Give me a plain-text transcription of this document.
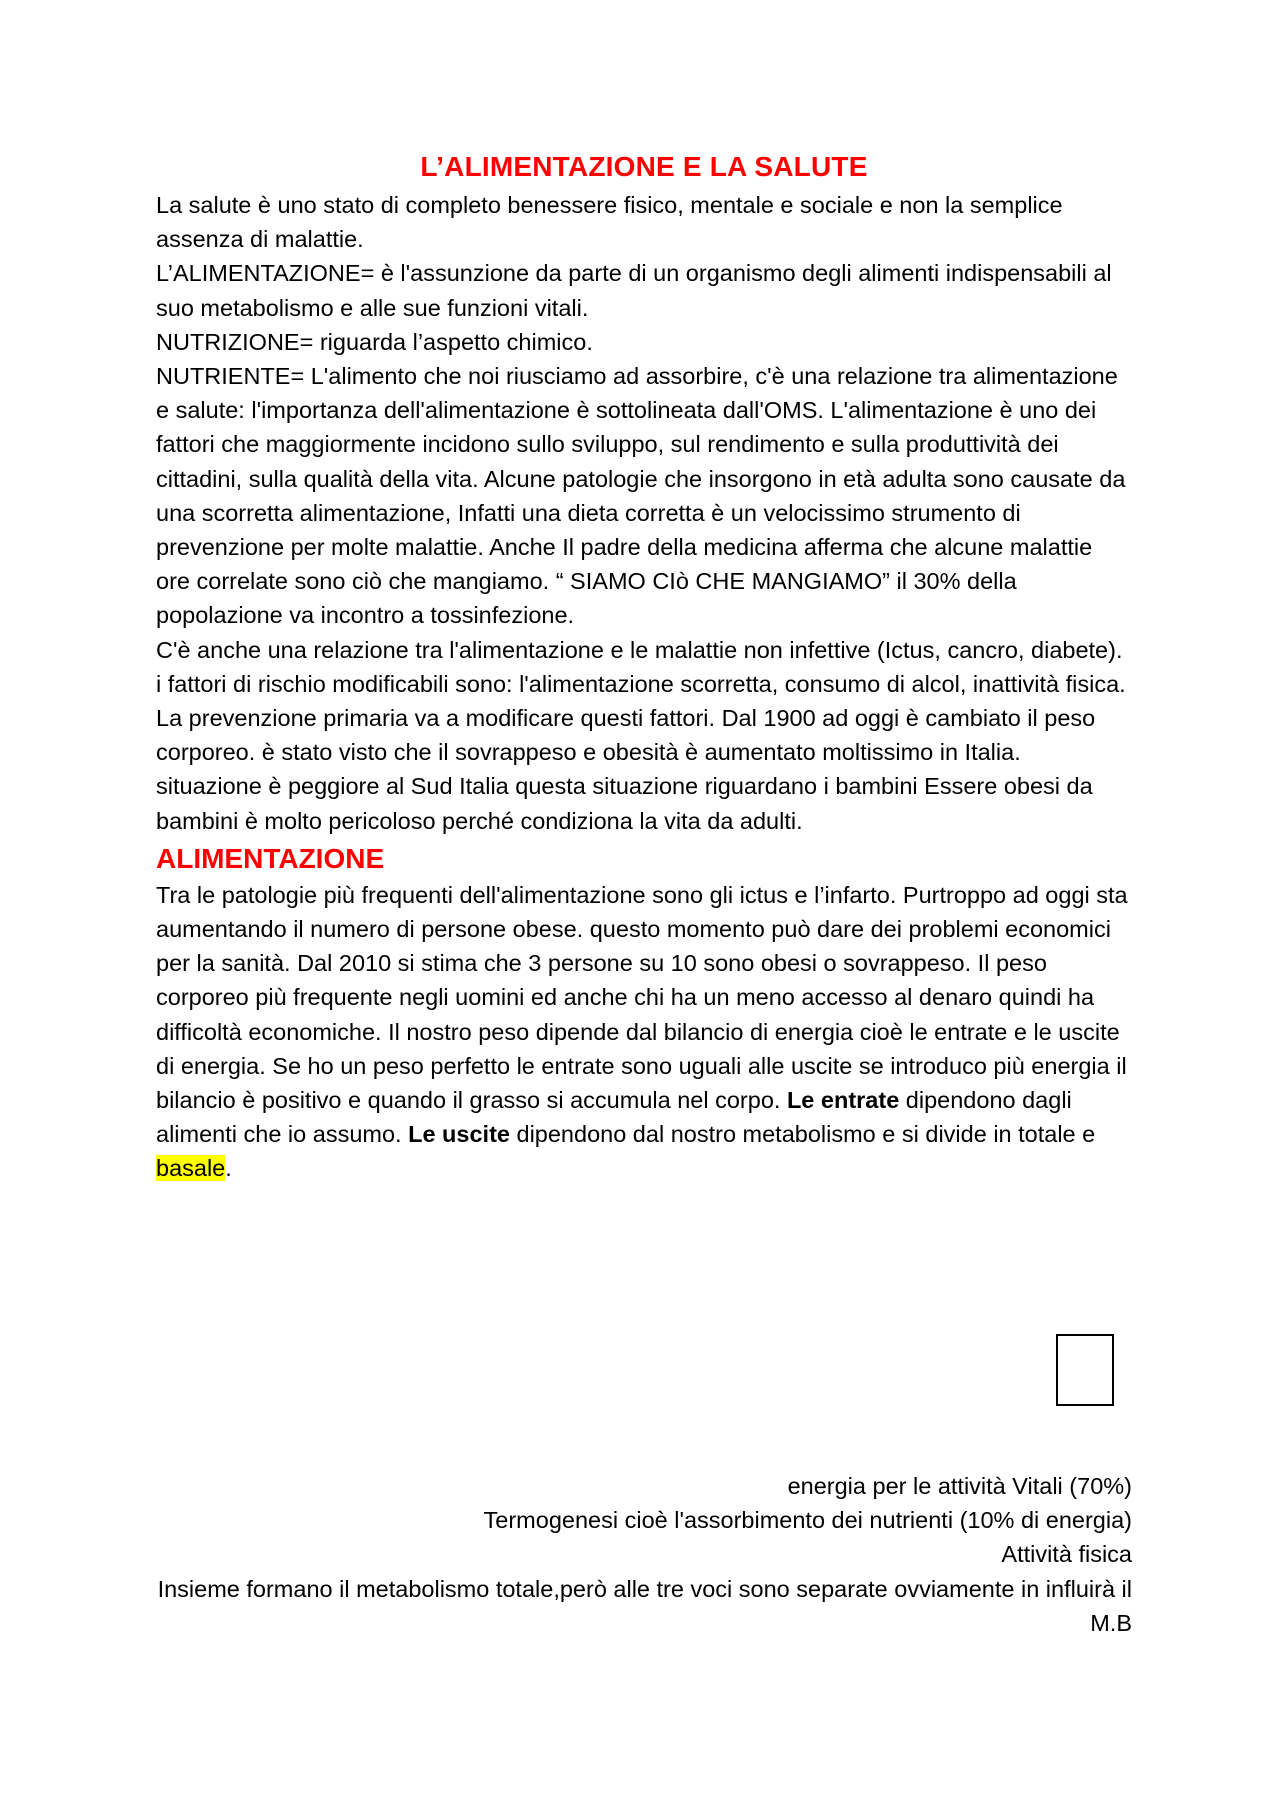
L’ALIMENTAZIONE E LA SALUTE

La salute è uno stato di completo benessere fisico, mentale e sociale e non la semplice assenza di malattie.

L’ALIMENTAZIONE= è l'assunzione da parte di un organismo degli alimenti indispensabili al suo metabolismo e alle sue funzioni vitali.

NUTRIZIONE= riguarda l’aspetto chimico.

NUTRIENTE= L'alimento che noi riusciamo ad assorbire, c'è una relazione tra alimentazione e salute: l'importanza dell'alimentazione è sottolineata dall'OMS. L'alimentazione è uno dei fattori che maggiormente incidono sullo sviluppo, sul rendimento e sulla produttività dei cittadini, sulla qualità della vita. Alcune patologie che insorgono in età adulta sono causate da una scorretta alimentazione, Infatti una dieta corretta è un velocissimo strumento di prevenzione per molte malattie. Anche Il padre della medicina afferma che alcune malattie ore correlate sono ciò che mangiamo. “ SIAMO CIò CHE MANGIAMO” il 30% della popolazione va incontro a tossinfezione.

C'è anche una relazione tra l'alimentazione e le malattie non infettive (Ictus, cancro, diabete). i fattori di rischio modificabili sono: l'alimentazione scorretta, consumo di alcol, inattività fisica. La prevenzione primaria va a modificare questi fattori. Dal 1900 ad oggi è cambiato il peso corporeo. è stato visto che il sovrappeso e obesità è aumentato moltissimo in Italia. situazione è peggiore al Sud Italia questa situazione riguardano i bambini Essere obesi da bambini è molto pericoloso perché condiziona la vita da adulti.

ALIMENTAZIONE

Tra le patologie più frequenti dell'alimentazione sono gli ictus e l’infarto. Purtroppo ad oggi sta aumentando il numero di persone obese. questo momento può dare dei problemi economici per la sanità. Dal 2010 si stima che 3 persone su 10 sono obesi o sovrappeso. Il peso corporeo più frequente negli uomini ed anche chi ha un meno accesso al denaro quindi ha difficoltà economiche. Il nostro peso dipende dal bilancio di energia cioè le entrate e le uscite di energia. Se ho un peso perfetto le entrate sono uguali alle uscite se introduco più energia il bilancio è positivo e quando il grasso si accumula nel corpo. Le entrate dipendono dagli alimenti che io assumo. Le uscite dipendono dal nostro metabolismo e si divide in totale e basale.

energia per le attività Vitali (70%)
Termogenesi cioè l'assorbimento dei nutrienti (10% di energia)
Attività fisica
Insieme formano il metabolismo totale,però alle tre voci sono separate ovviamente in influirà il M.B
